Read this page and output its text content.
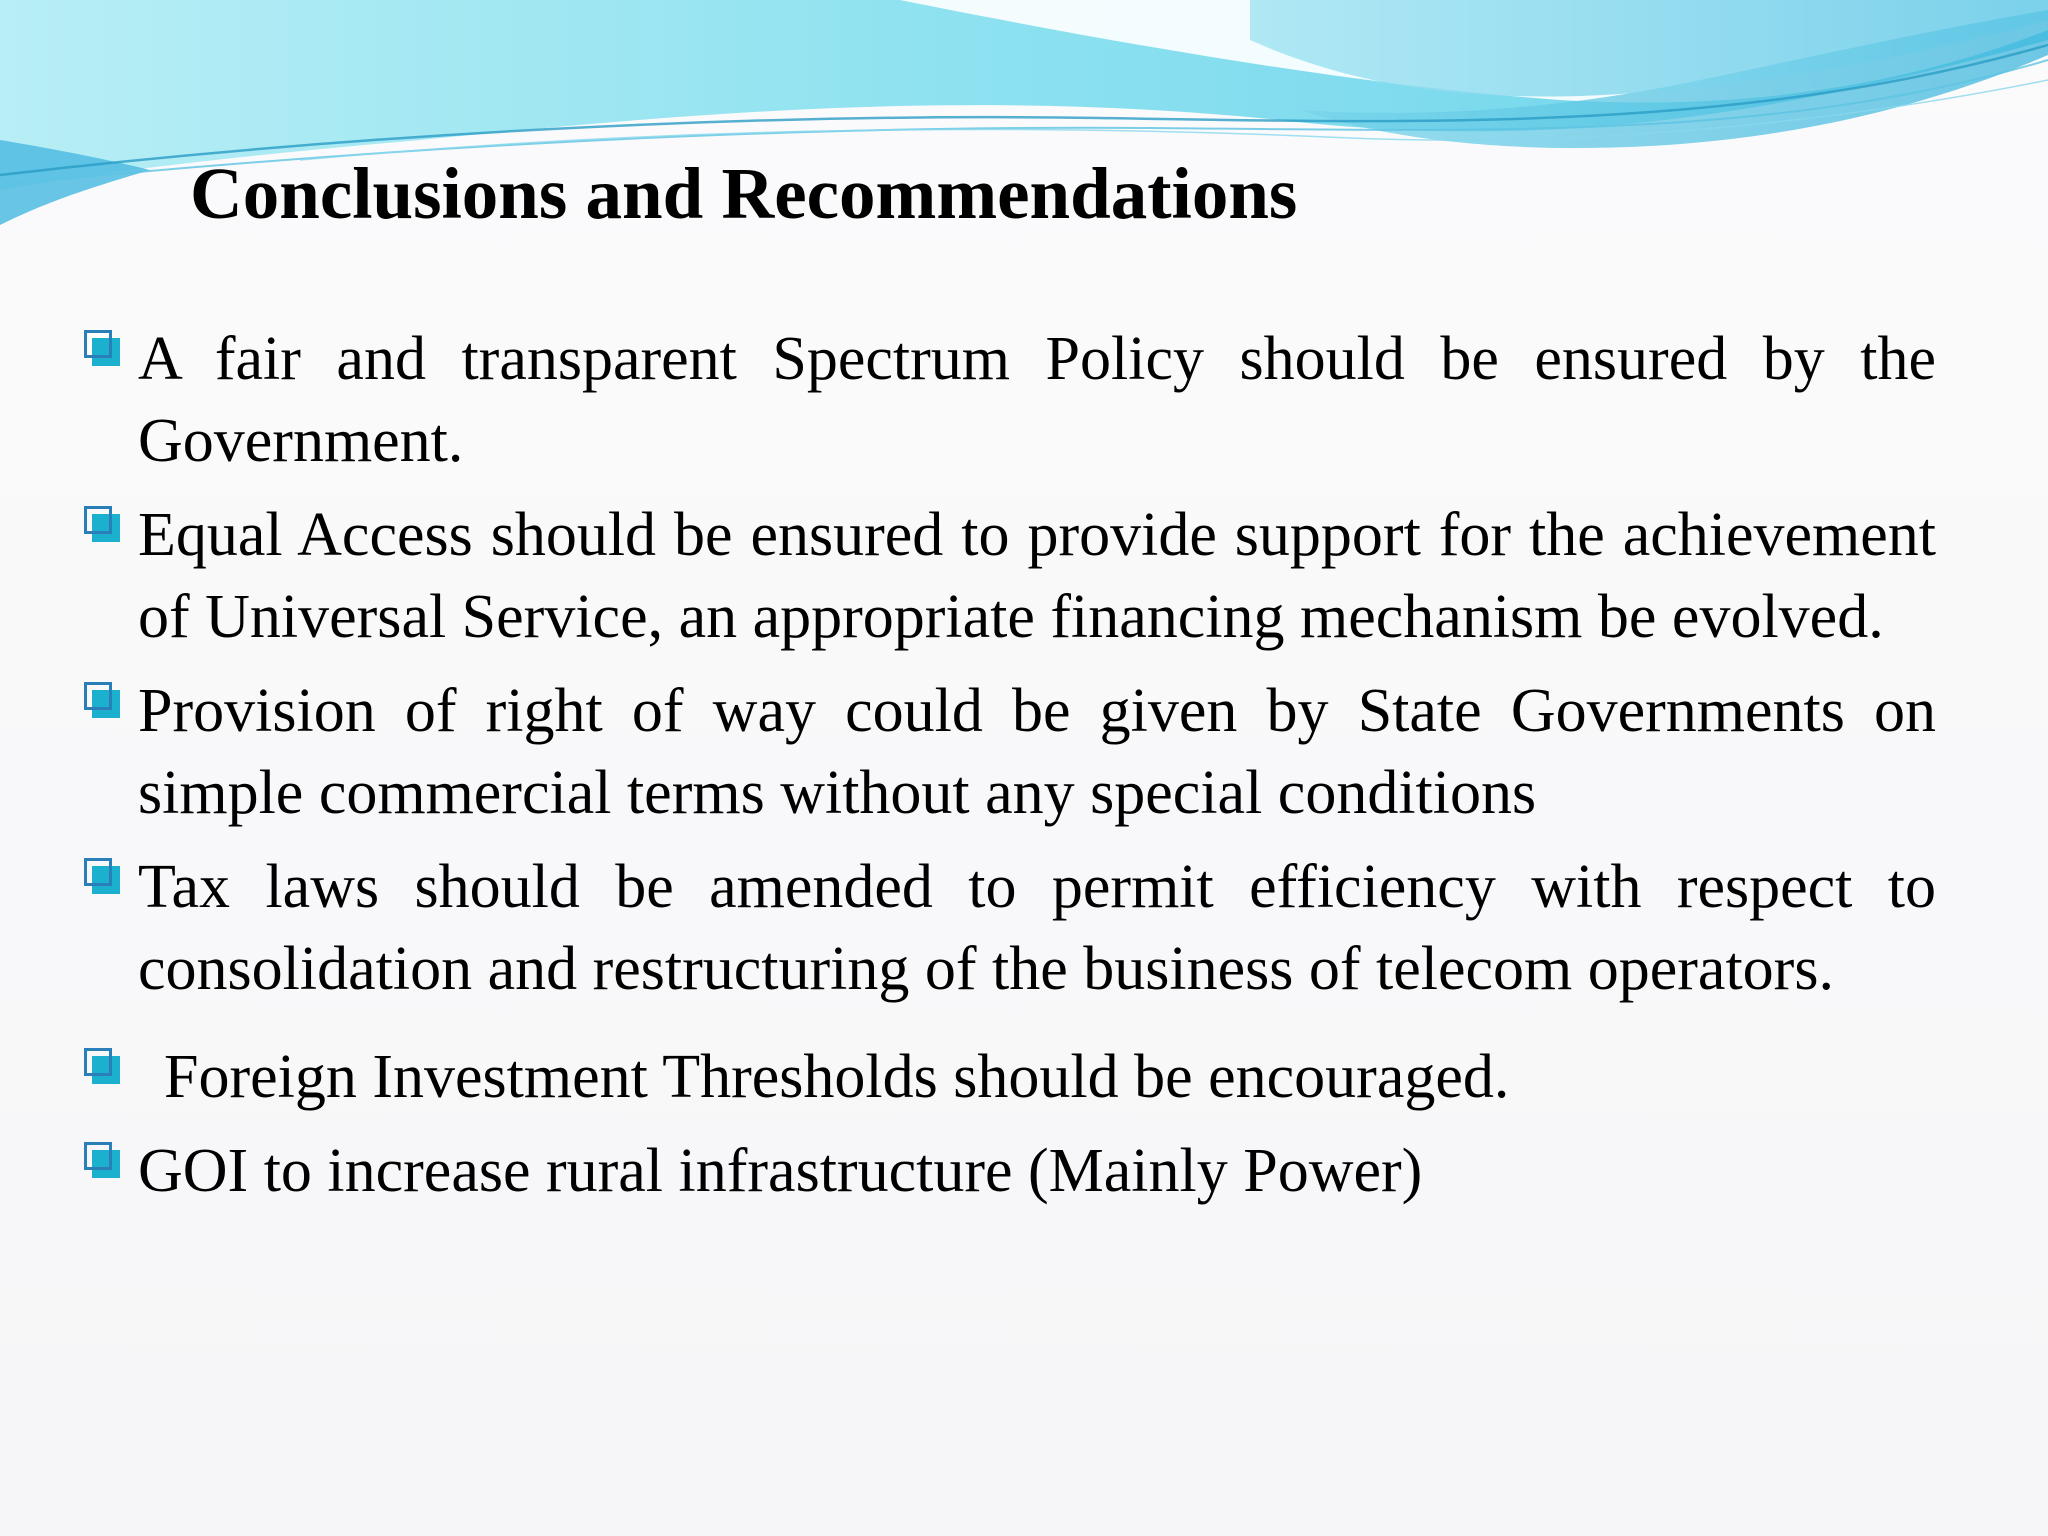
Conclusions and Recommendations
A fair and transparent Spectrum Policy should be ensured by the Government.
Equal Access should be ensured to provide support for the achievement of Universal Service, an appropriate financing mechanism be evolved.
Provision of right of way could be given by State Governments on simple commercial terms without any special conditions
Tax laws should be amended to permit efficiency with respect to consolidation and restructuring of the business of telecom operators.
Foreign Investment Thresholds should be encouraged.
GOI to increase rural infrastructure (Mainly Power)
